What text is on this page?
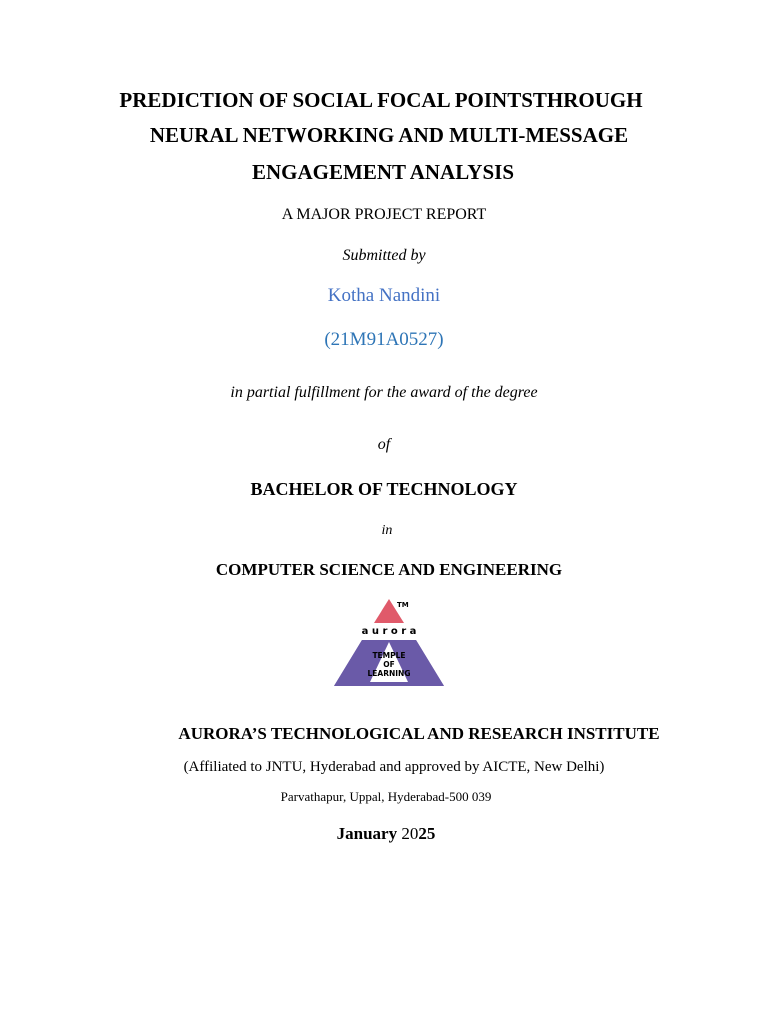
PREDICTION OF SOCIAL FOCAL POINTSTHROUGH
NEURAL NETWORKING AND MULTI-MESSAGE
ENGAGEMENT ANALYSIS
A MAJOR PROJECT REPORT
Submitted by
Kotha Nandini
(21M91A0527)
in partial fulfillment for the award of the degree
of
BACHELOR OF TECHNOLOGY
in
COMPUTER SCIENCE AND ENGINEERING
TM
a u r o r a
TEMPLE
OF
LEARNING
AURORA’S TECHNOLOGICAL AND RESEARCH INSTITUTE
(Affiliated to JNTU, Hyderabad and approved by AICTE, New Delhi)
Parvathapur, Uppal, Hyderabad-500 039
January 2025
